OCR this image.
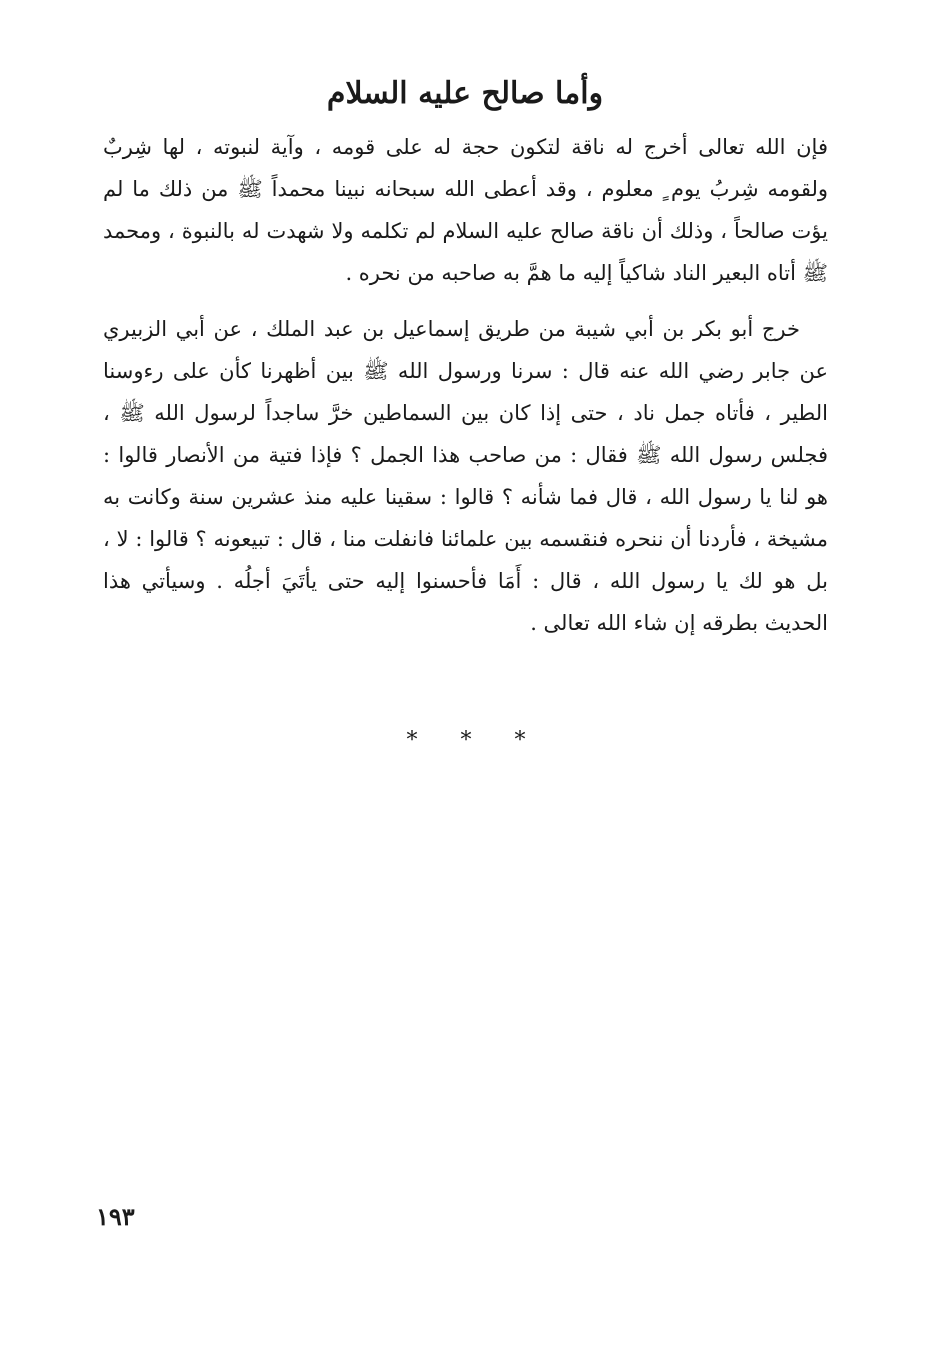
وأما صالح عليه السلام

فإن الله تعالى أخرج له ناقة لتكون حجة له على قومه ، وآية لنبوته ، لها شِربٌ ولقومه شِربُ يوم ٍ معلوم ، وقد أعطى الله سبحانه نبينا محمداً ﷺ من ذلك ما لم يؤت صالحاً ، وذلك أن ناقة صالح عليه السلام لم تكلمه ولا شهدت له بالنبوة ، ومحمد ﷺ أتاه البعير الناد شاكياً إليه ما همَّ به صاحبه من نحره .

خرج أبو بكر بن أبي شيبة من طريق إسماعيل بن عبد الملك ، عن أبي الزبيري عن جابر رضي الله عنه قال : سرنا ورسول الله ﷺ بين أظهرنا كأن على رءوسنا الطير ، فأتاه جمل ناد ، حتى إذا كان بين السماطين خرَّ ساجداً لرسول الله ﷺ ، فجلس رسول الله ﷺ فقال : من صاحب هذا الجمل ؟ فإذا فتية من الأنصار قالوا : هو لنا يا رسول الله ، قال فما شأنه ؟ قالوا : سقينا عليه منذ عشرين سنة وكانت به مشيخة ، فأردنا أن ننحره فنقسمه بين علمائنا فانفلت منا ، قال : تبيعونه ؟ قالوا : لا ، بل هو لك يا رسول الله ، قال : أَمَا فأحسنوا إليه حتى يأتَيَ أجلُه . وسيأتي هذا الحديث بطرقه إن شاء الله تعالى .

* * *
١٩٣
